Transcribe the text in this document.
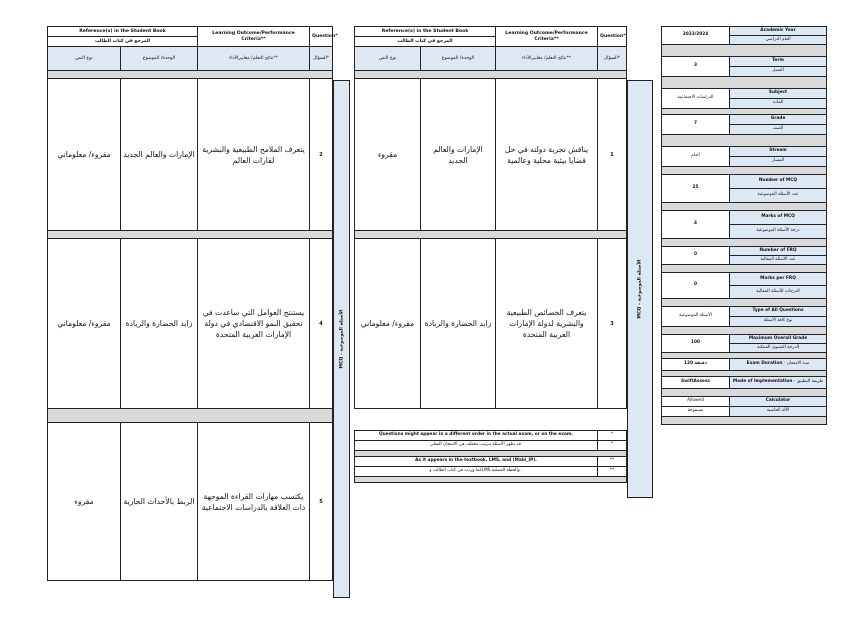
Reference(s) in the Student Book		Learning Outcome/Performance Criteria**	Question*
المرجع في كتاب الطالب			
نوع النص	الوحدة/ الموضوع	نتائج التعلم/ معاييرالأداء**	السؤال*

مقروء/ معلوماتي	الإمارات والعالم الجديد	يتعرف الملامح الطبيعية والبشرية لقارات العالم	2

مقروء/ معلوماتي	زايد الحضارة والريادة	يستنتج العوامل التي ساعدت في تحقيق النمو الاقتصادي في دولة الإمارات العربية المتحدة	4

مقروء	الربط بالأحداث الجارية	يكتسب مهارات القراءة الموجهة ذات العلاقة بالدراسات الاجتماعية	5
الأسئلة الموضوعية - MCQ
Reference(s) in the Student Book		Learning Outcome/Performance Criteria**	Question*
المرجع في كتاب الطالب			
نوع النص	الوحدة/ الموضوع	نتائج التعلم/ معاييرالأداء**	السؤال*

مقروء	الإمارات والعالم الجديد	يناقش تجربة دولته في حل قضايا بيئية محلية وعالمية	1

مقروء/ معلوماتي	زايد الحضارة والريادة	يتعرف الخصائص الطبيعية والبشرية لدولة الإمارات العربية المتحدة	3
Questions might appear in a different order in the actual exam, or on the exam.	*
قد تظهر الأسئلة بترتيب مختلف في الامتحان الفعلي.	*

As it appears in the textbook, LMS, and (Mabi_IP).	**
كما وردت في كتاب الطالب وLMS والخطة الفصلية .	**

الأسئلة الموضوعية - MCQ
2023/2024	Academic Year
	العام الدراسي

3	Term
	الفصل

الدراسات الاجتماعية	Subject
	المادة

7	Grade
	الصف

العام	Stream
	المسار

25	Number of MCQ
	عدد الأسئلة الموضوعية

4	Marks of MCQ
	درجة الأسئلة الموضوعية

0	Number of FRQ
	عدد الأسئلة المقالية

0	Marks per FRQ
	الدرجات للأسئلة المقالية

الأسئلة الموضوعية	Type of All Questions
	نوع كافة الأسئلة

100	Maximum Overall Grade
	الدرجة القصوى الممكنة

120 دقيقة	Exam Duration - مدة الامتحان

SwiftAssess	Mode of Implementation - طريقة التطبيق

Allowed	Calculator
مسموحة	الآلة الحاسبة
